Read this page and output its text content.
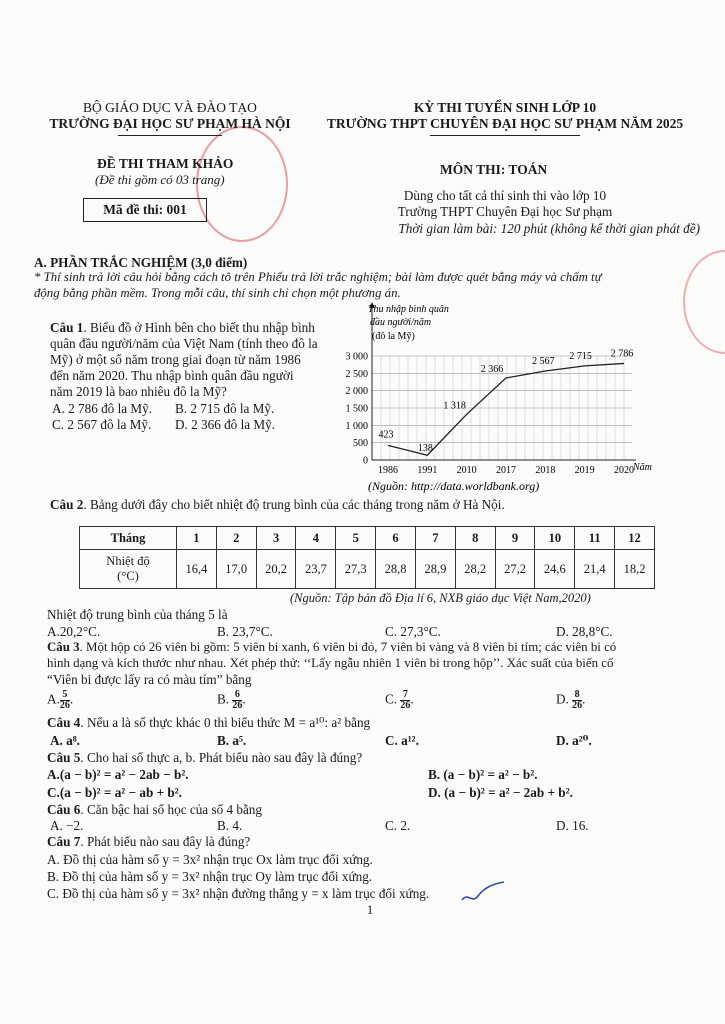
BỘ GIÁO DỤC VÀ ĐÀO TẠO
TRƯỜNG ĐẠI HỌC SƯ PHẠM HÀ NỘI
KỲ THI TUYỂN SINH LỚP 10
TRƯỜNG THPT CHUYÊN ĐẠI HỌC SƯ PHẠM NĂM 2025
ĐỀ THI THAM KHẢO
(Đề thi gồm có 03 trang)
Mã đề thi: 001
MÔN THI: TOÁN
Dùng cho tất cả thí sinh thi vào lớp 10
Trường THPT Chuyên Đại học Sư phạm
Thời gian làm bài: 120 phút (không kể thời gian phát đề)
A. PHẦN TRẮC NGHIỆM (3,0 điểm)
* Thí sinh trả lời câu hỏi bằng cách tô trên Phiếu trả lời trắc nghiệm; bài làm được quét bằng máy và chấm tự
động bằng phần mềm. Trong mỗi câu, thí sinh chỉ chọn một phương án.
Câu 1. Biểu đồ ở Hình bên cho biết thu nhập bình
quân đầu người/năm của Việt Nam (tính theo đô la
Mỹ) ở một số năm trong giai đoạn từ năm 1986
đến năm 2020. Thu nhập bình quân đầu người
năm 2019 là bao nhiêu đô la Mỹ?
A. 2 786 đô la Mỹ. B. 2 715 đô la Mỹ.
C. 2 567 đô la Mỹ. D. 2 366 đô la Mỹ.
0
500
1 000
1 500
2 000
2 500
3 000
1986 1991 2010 2017 2018 2019 2020
423
138
1 318
2 366
2 567 2 715 2 786
Thu nhập bình quân
đầu người/năm
(đô la Mỹ)
Năm
(Nguồn: http://data.worldbank.org)
Câu 2. Bảng dưới đây cho biết nhiệt độ trung bình của các tháng trong năm ở Hà Nội.
Tháng	1	2	3	4	5	6	7	8	9	10	11	12
Nhiệt độ
(°C)	16,4	17,0	20,2	23,7	27,3	28,8	28,9	28,2	27,2	24,6	21,4	18,2
(Nguồn: Tập bản đồ Địa lí 6, NXB giáo dục Việt Nam,2020)
Nhiệt độ trung bình của tháng 5 là
A.20,2°C.	B. 23,7°C.	C. 27,3°C.	D. 28,8°C.
Câu 3. Một hộp có 26 viên bi gồm: 5 viên bi xanh, 6 viên bi đỏ, 7 viên bi vàng và 8 viên bi tím; các viên bi có
hình dạng và kích thước như nhau. Xét phép thử: ‘‘Lấy ngẫu nhiên 1 viên bi trong hộp’’. Xác suất của biến cố
“Viên bi được lấy ra có màu tím” bằng
A. $\frac{5}{26}$ .	B. $\frac{6}{26}$ .	C. $\frac{7}{26}$ .	D. $\frac{8}{26}$ .
Câu 4. Nếu a là số thực khác 0 thì biểu thức M = a¹⁰: a² bằng
A. a⁸.	B. a⁵.	C. a¹².	D. a²⁰.
Câu 5. Cho hai số thực a, b. Phát biểu nào sau đây là đúng?
A.(a − b)² = a² − 2ab − b².	B. (a − b)² = a² − b².
C.(a − b)² = a² − ab + b².	D. (a − b)² = a² − 2ab + b².
Câu 6. Căn bậc hai số học của số 4 bằng
A. −2.	B. 4.	C. 2.	D. 16.
Câu 7. Phát biểu nào sau đây là đúng?
A. Đồ thị của hàm số y = 3x² nhận trục Ox làm trục đối xứng.
B. Đồ thị của hàm số y = 3x² nhận trục Oy làm trục đối xứng.
C. Đồ thị của hàm số y = 3x² nhận đường thẳng y = x làm trục đối xứng.
1
